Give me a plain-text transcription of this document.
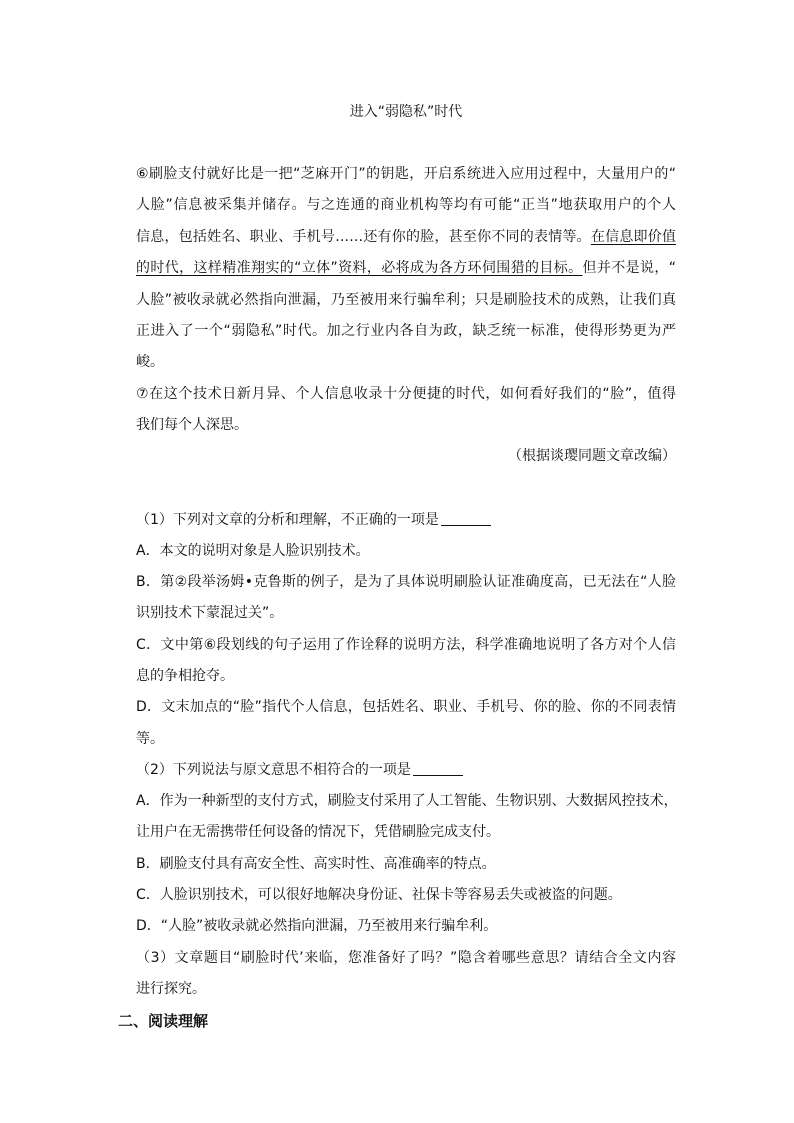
进入“弱隐私”时代
⑥刷脸支付就好比是一把“芝麻开门”的钥匙，开启系统进入应用过程中，大量用户的“
人脸”信息被采集并储存。与之连通的商业机构等均有可能“正当”地获取用户的个人
信息，包括姓名、职业、手机号……还有你的脸，甚至你不同的表情等。在信息即价值
的时代，这样精准翔实的“立体”资料，必将成为各方环伺围猎的目标。但并不是说，“
人脸”被收录就必然指向泄漏，乃至被用来行骗牟利；只是刷脸技术的成熟，让我们真
正进入了一个“弱隐私”时代。加之行业内各自为政，缺乏统一标准，使得形势更为严
峻。
⑦在这个技术日新月异、个人信息收录十分便捷的时代，如何看好我们的“脸”，值得
我们每个人深思。
（根据谈璎同题文章改编）
（1）下列对文章的分析和理解，不正确的一项是
A．本文的说明对象是人脸识别技术。
B．第②段举汤姆•克鲁斯的例子，是为了具体说明刷脸认证准确度高，已无法在“人脸
识别技术下蒙混过关”。
C．文中第⑥段划线的句子运用了作诠释的说明方法，科学准确地说明了各方对个人信
息的争相抢夺。
D．文末加点的“脸”指代个人信息，包括姓名、职业、手机号、你的脸、你的不同表情
等。
（2）下列说法与原文意思不相符合的一项是
A．作为一种新型的支付方式，刷脸支付采用了人工智能、生物识别、大数据风控技术，
让用户在无需携带任何设备的情况下，凭借刷脸完成支付。
B．刷脸支付具有高安全性、高实时性、高准确率的特点。
C．人脸识别技术，可以很好地解决身份证、社保卡等容易丢失或被盗的问题。
D．“人脸”被收录就必然指向泄漏，乃至被用来行骗牟利。
（3）文章题目“刷脸时代’来临，您准备好了吗？”隐含着哪些意思？请结合全文内容
进行探究。
二、阅读理解
